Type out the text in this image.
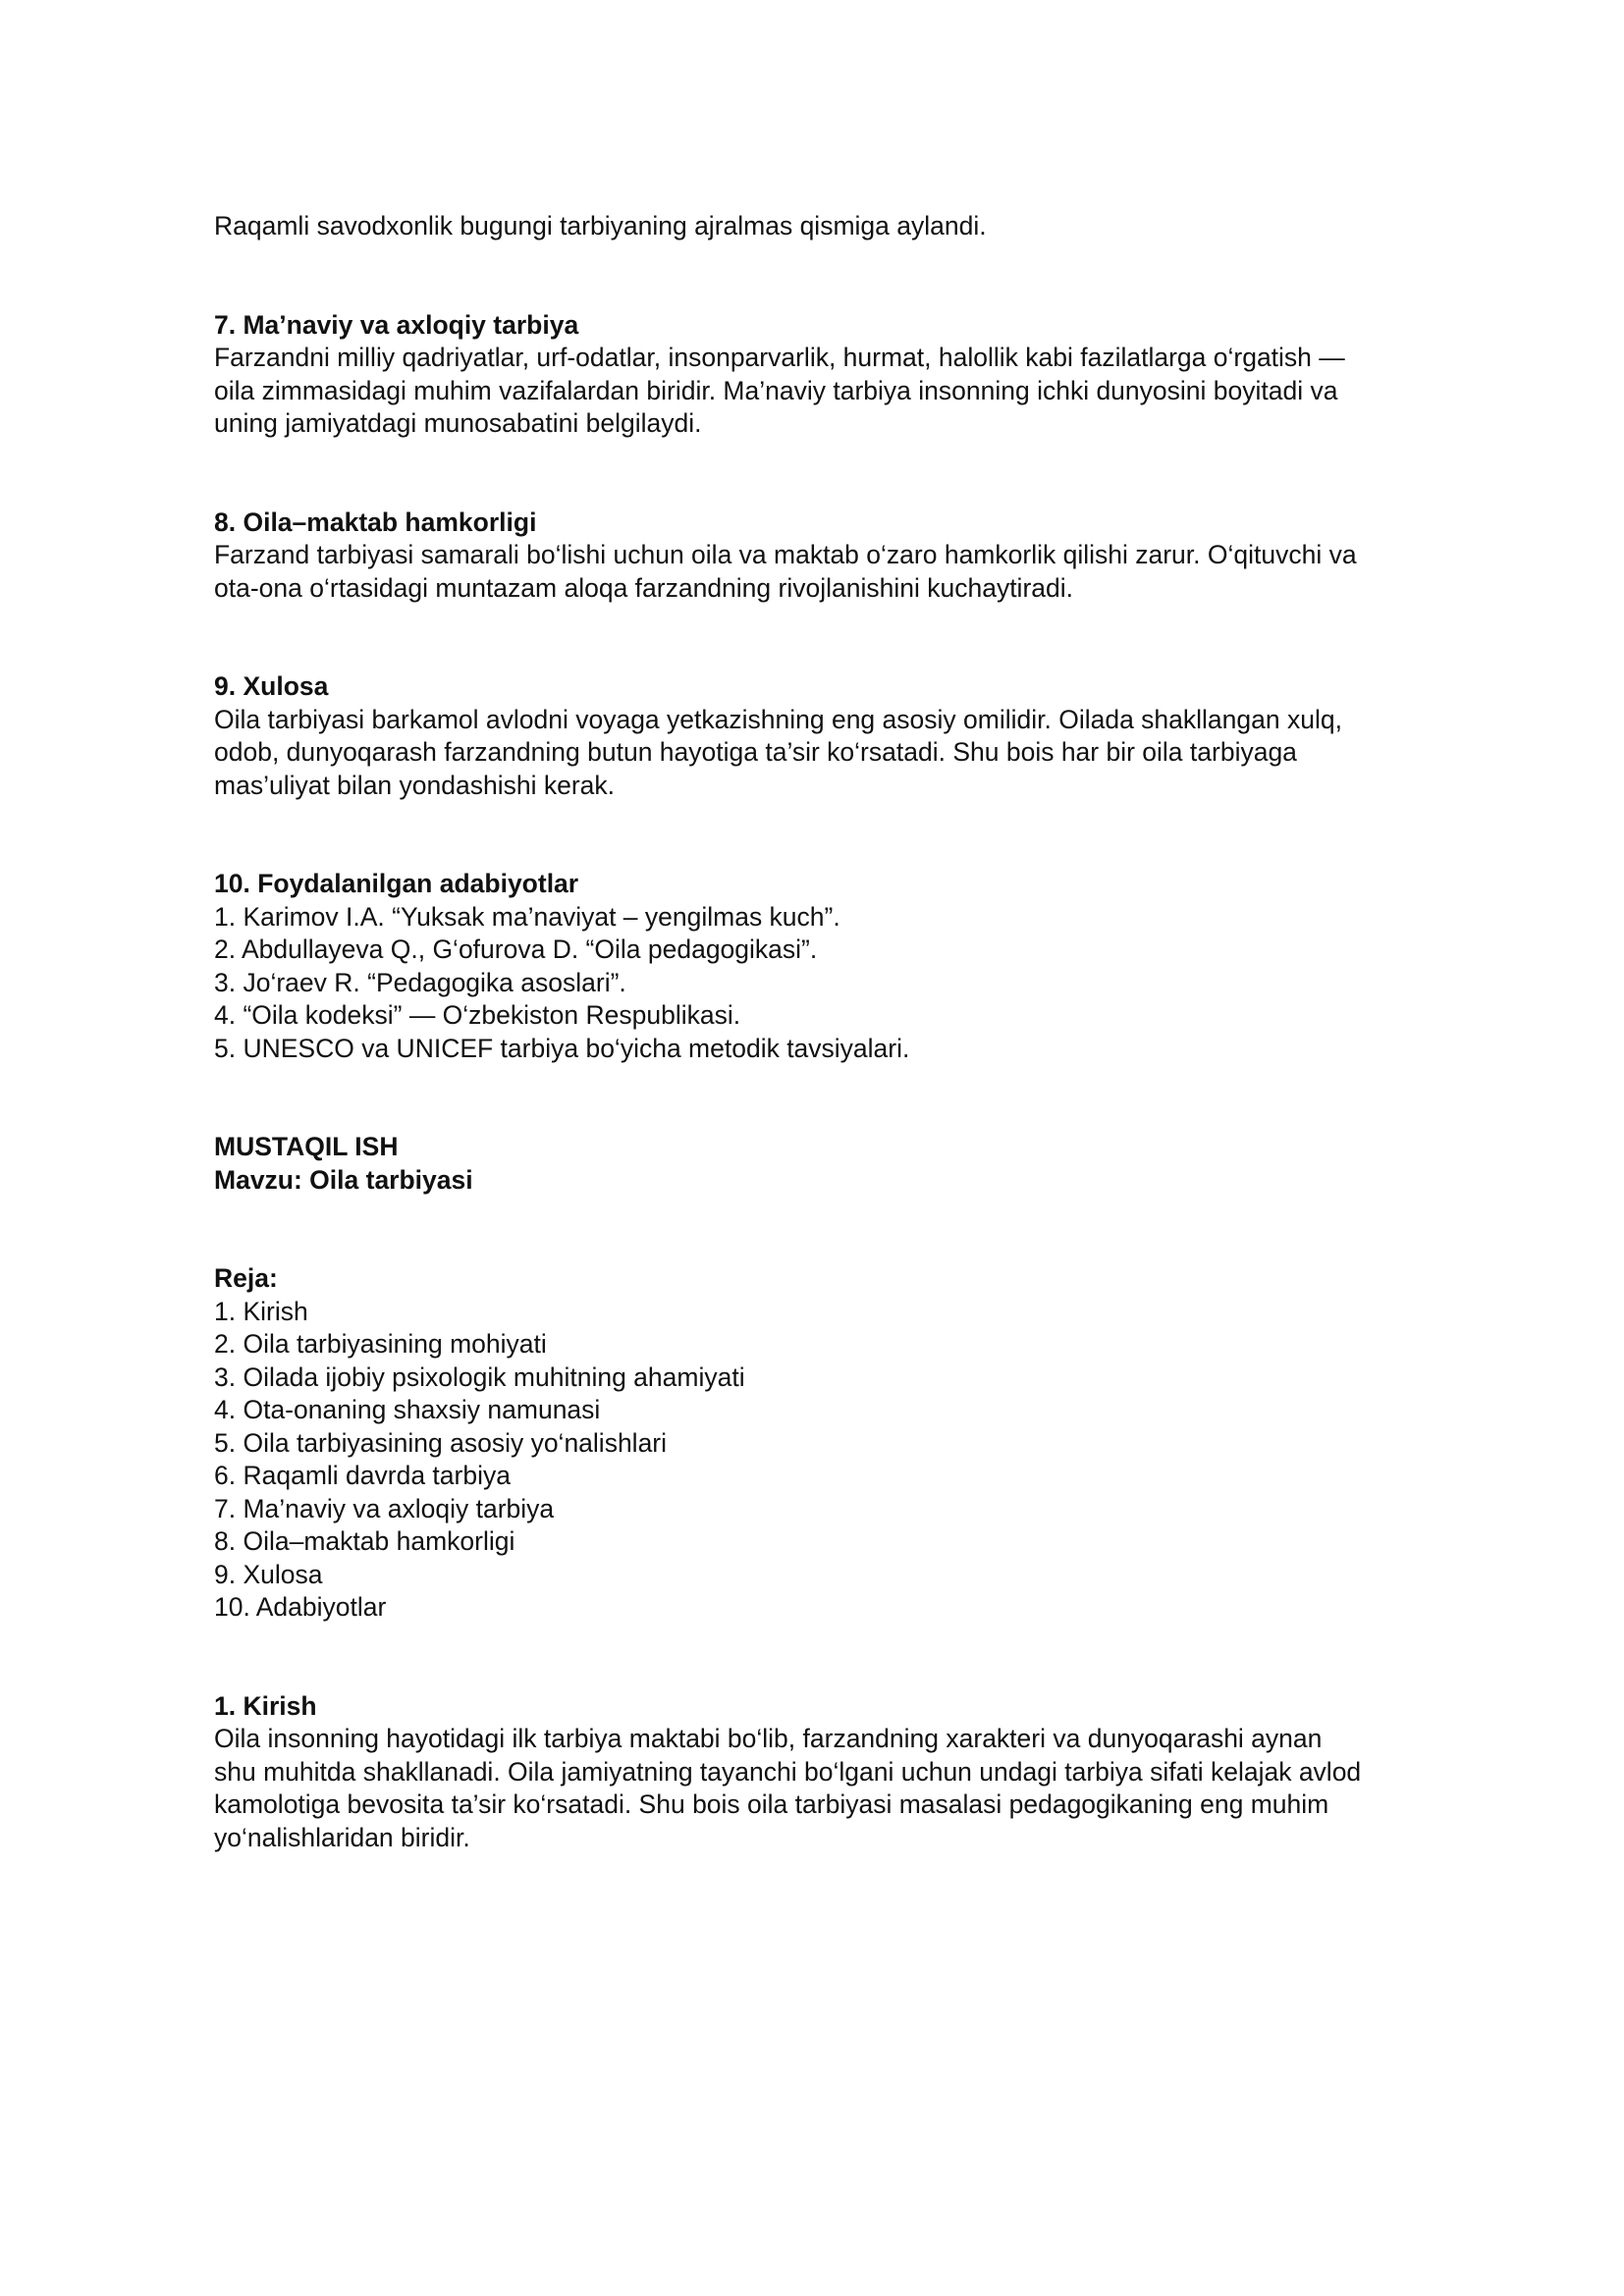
Raqamli savodxonlik bugungi tarbiyaning ajralmas qismiga aylandi.
7. Ma’naviy va axloqiy tarbiya
Farzandni milliy qadriyatlar, urf-odatlar, insonparvarlik, hurmat, halollik kabi fazilatlarga o‘rgatish —
oila zimmasidagi muhim vazifalardan biridir. Ma’naviy tarbiya insonning ichki dunyosini boyitadi va
uning jamiyatdagi munosabatini belgilaydi.
8. Oila–maktab hamkorligi
Farzand tarbiyasi samarali bo‘lishi uchun oila va maktab o‘zaro hamkorlik qilishi zarur. O‘qituvchi va
ota-ona o‘rtasidagi muntazam aloqa farzandning rivojlanishini kuchaytiradi.
9. Xulosa
Oila tarbiyasi barkamol avlodni voyaga yetkazishning eng asosiy omilidir. Oilada shakllangan xulq,
odob, dunyoqarash farzandning butun hayotiga ta’sir ko‘rsatadi. Shu bois har bir oila tarbiyaga
mas’uliyat bilan yondashishi kerak.
10. Foydalanilgan adabiyotlar
1. Karimov I.A. “Yuksak ma’naviyat – yengilmas kuch”.
2. Abdullayeva Q., G‘ofurova D. “Oila pedagogikasi”.
3. Jo‘raev R. “Pedagogika asoslari”.
4. “Oila kodeksi” — O‘zbekiston Respublikasi.
5. UNESCO va UNICEF tarbiya bo‘yicha metodik tavsiyalari.
MUSTAQIL ISH
Mavzu: Oila tarbiyasi
Reja:
1. Kirish
2. Oila tarbiyasining mohiyati
3. Oilada ijobiy psixologik muhitning ahamiyati
4. Ota-onaning shaxsiy namunasi
5. Oila tarbiyasining asosiy yo‘nalishlari
6. Raqamli davrda tarbiya
7. Ma’naviy va axloqiy tarbiya
8. Oila–maktab hamkorligi
9. Xulosa
10. Adabiyotlar
1. Kirish
Oila insonning hayotidagi ilk tarbiya maktabi bo‘lib, farzandning xarakteri va dunyoqarashi aynan
shu muhitda shakllanadi. Oila jamiyatning tayanchi bo‘lgani uchun undagi tarbiya sifati kelajak avlod
kamolotiga bevosita ta’sir ko‘rsatadi. Shu bois oila tarbiyasi masalasi pedagogikaning eng muhim
yo‘nalishlaridan biridir.
